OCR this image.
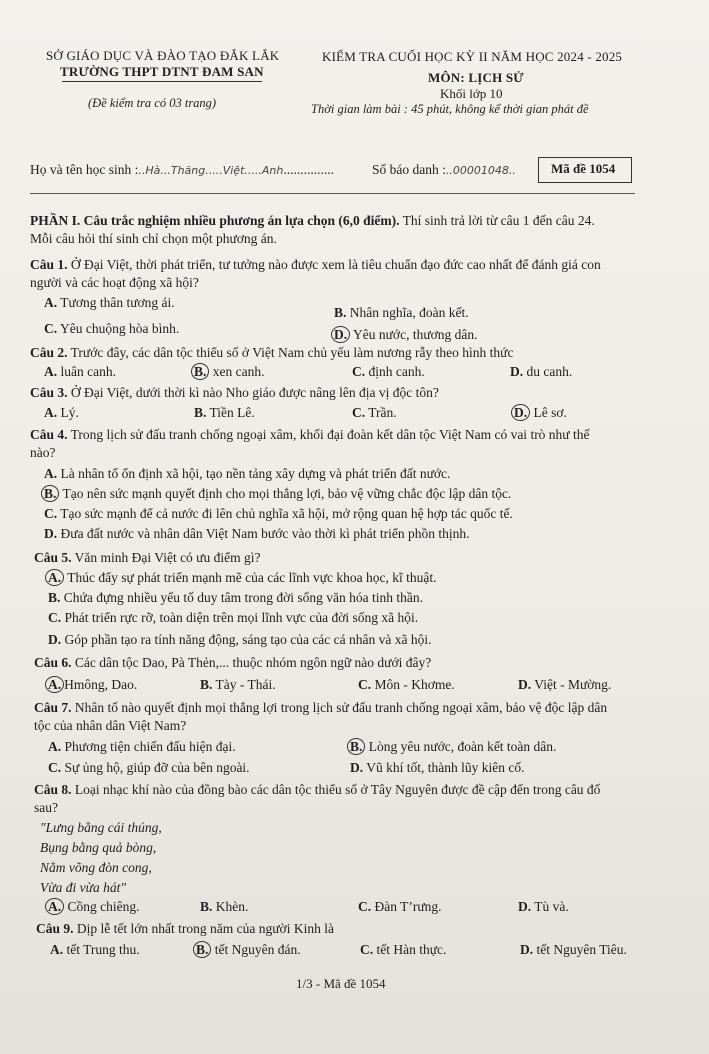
SỞ GIÁO DỤC VÀ ĐÀO TẠO ĐẮK LẮK
TRƯỜNG THPT DTNT ĐAM SAN
(Đề kiểm tra có 03 trang)
KIỂM TRA CUỐI HỌC KỲ II NĂM HỌC 2024 - 2025
MÔN: LỊCH SỬ
Khối lớp 10
Thời gian làm bài : 45 phút, không kể thời gian phát đề
Họ và tên học sinh :..Hà...Thăng.....Việt.....Anh...............	Số báo danh :..00001048..	Mã đề 1054
PHẦN I. Câu trắc nghiệm nhiều phương án lựa chọn (6,0 điểm). Thí sinh trả lời từ câu 1 đến câu 24.
Mỗi câu hỏi thí sinh chỉ chọn một phương án.
Câu 1. Ở Đại Việt, thời phát triển, tư tưởng nào được xem là tiêu chuẩn đạo đức cao nhất để đánh giá con
người và các hoạt động xã hội?
A. Tương thân tương ái.
B. Nhân nghĩa, đoàn kết.
C. Yêu chuộng hòa bình.	D. Yêu nước, thương dân.
Câu 2. Trước đây, các dân tộc thiểu số ở Việt Nam chủ yếu làm nương rẫy theo hình thức
A. luân canh.	B. xen canh.	C. định canh.	D. du canh.
Câu 3. Ở Đại Việt, dưới thời kì nào Nho giáo được nâng lên địa vị độc tôn?
A. Lý.	B. Tiền Lê.	C. Trần.	D. Lê sơ.
Câu 4. Trong lịch sử đấu tranh chống ngoại xâm, khối đại đoàn kết dân tộc Việt Nam có vai trò như thế
nào?
A. Là nhân tố ổn định xã hội, tạo nền tảng xây dựng và phát triển đất nước.
B. Tạo nên sức mạnh quyết định cho mọi thắng lợi, bảo vệ vững chắc độc lập dân tộc.
C. Tạo sức mạnh để cả nước đi lên chủ nghĩa xã hội, mở rộng quan hệ hợp tác quốc tế.
D. Đưa đất nước và nhân dân Việt Nam bước vào thời kì phát triển phồn thịnh.
Câu 5. Văn minh Đại Việt có ưu điểm gì?
A. Thúc đẩy sự phát triển mạnh mẽ của các lĩnh vực khoa học, kĩ thuật.
B. Chứa đựng nhiều yếu tố duy tâm trong đời sống văn hóa tinh thần.
C. Phát triển rực rỡ, toàn diện trên mọi lĩnh vực của đời sống xã hội.
D. Góp phần tạo ra tính năng động, sáng tạo của các cá nhân và xã hội.
Câu 6. Các dân tộc Dao, Pà Thẻn,... thuộc nhóm ngôn ngữ nào dưới đây?
A. Hmông, Dao.	B. Tày - Thái.	C. Môn - Khơme.	D. Việt - Mường.
Câu 7. Nhân tố nào quyết định mọi thắng lợi trong lịch sử đấu tranh chống ngoại xâm, bảo vệ độc lập dân
tộc của nhân dân Việt Nam?
A. Phương tiện chiến đấu hiện đại.	B. Lòng yêu nước, đoàn kết toàn dân.
C. Sự ủng hộ, giúp đỡ của bên ngoài.	D. Vũ khí tốt, thành lũy kiên cố.
Câu 8. Loại nhạc khí nào của đồng bào các dân tộc thiểu số ở Tây Nguyên được đề cập đến trong câu đố
sau?
"Lưng bằng cái thúng,
Bụng bằng quả bòng,
Nằm võng đòn cong,
Vừa đi vừa hát"
A. Cồng chiêng.	B. Khèn.	C. Đàn T’rưng.	D. Tù và.
Câu 9. Dịp lễ tết lớn nhất trong năm của người Kinh là
A. tết Trung thu.	B. tết Nguyên đán.	C. tết Hàn thực.	D. tết Nguyên Tiêu.
1/3 - Mã đề 1054
